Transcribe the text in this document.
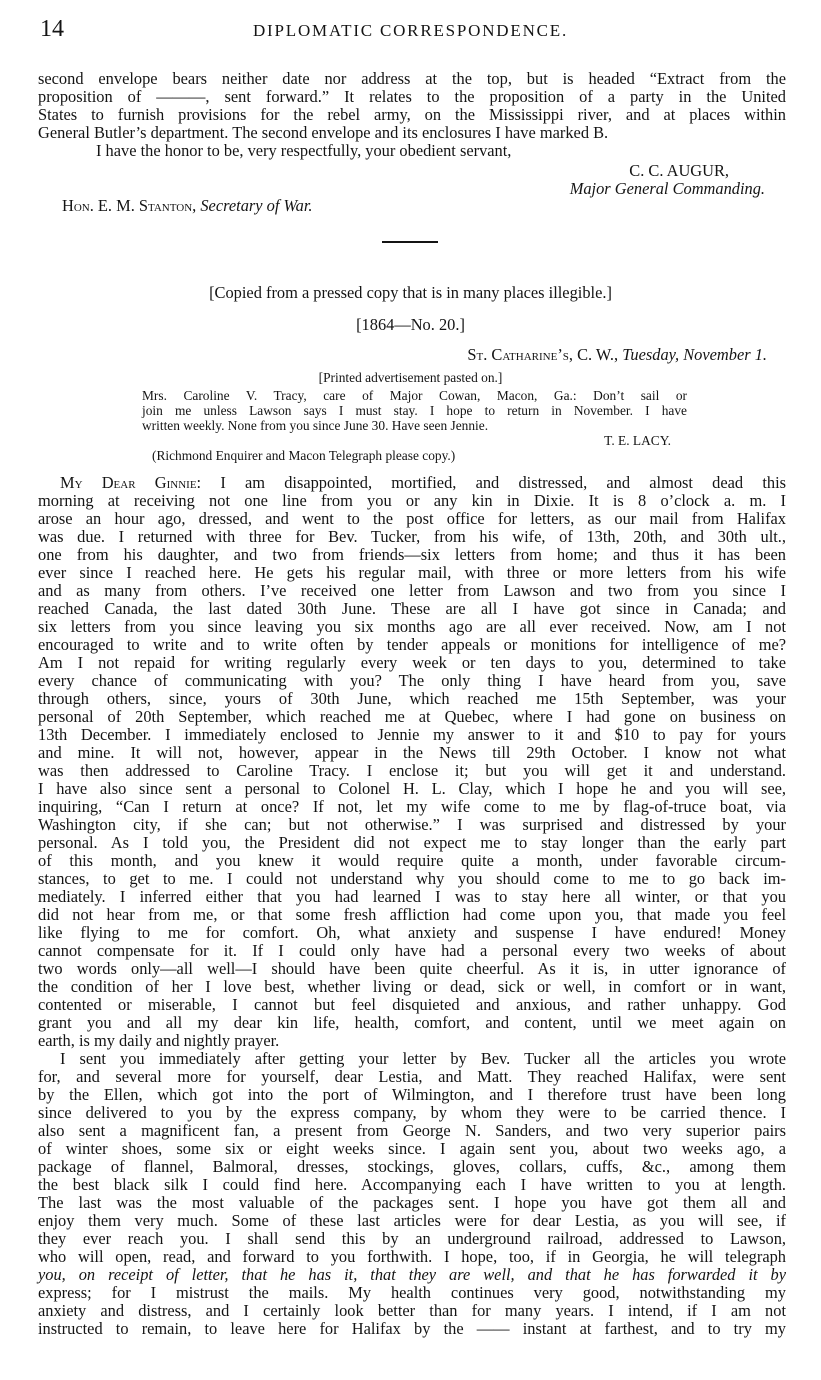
14	DIPLOMATIC CORRESPONDENCE.
second envelope bears neither date nor address at the top, but is headed “Extract from the
proposition of ———, sent forward.” It relates to the proposition of a party in the United
States to furnish provisions for the rebel army, on the Mississippi river, and at places within
General Butler’s department. The second envelope and its enclosures I have marked B.
I have the honor to be, very respectfully, your obedient servant,
C. C. AUGUR,
Major General Commanding.
Hon. E. M. Stanton, Secretary of War.
[Copied from a pressed copy that is in many places illegible.]
[1864—No. 20.]
St. Catharine’s, C. W., Tuesday, November 1.
[Printed advertisement pasted on.]
Mrs. Caroline V. Tracy, care of Major Cowan, Macon, Ga.: Don’t sail or
join me unless Lawson says I must stay. I hope to return in November. I have
written weekly. None from you since June 30. Have seen Jennie.
T. E. LACY.
(Richmond Enquirer and Macon Telegraph please copy.)
My Dear Ginnie: I am disappointed, mortified, and distressed, and almost dead this
morning at receiving not one line from you or any kin in Dixie. It is 8 o’clock a. m. I
arose an hour ago, dressed, and went to the post office for letters, as our mail from Halifax
was due. I returned with three for Bev. Tucker, from his wife, of 13th, 20th, and 30th ult.,
one from his daughter, and two from friends—six letters from home; and thus it has been
ever since I reached here. He gets his regular mail, with three or more letters from his wife
and as many from others. I’ve received one letter from Lawson and two from you since I
reached Canada, the last dated 30th June. These are all I have got since in Canada; and
six letters from you since leaving you six months ago are all ever received. Now, am I not
encouraged to write and to write often by tender appeals or monitions for intelligence of me?
Am I not repaid for writing regularly every week or ten days to you, determined to take
every chance of communicating with you? The only thing I have heard from you, save
through others, since, yours of 30th June, which reached me 15th September, was your
personal of 20th September, which reached me at Quebec, where I had gone on business on
13th December. I immediately enclosed to Jennie my answer to it and $10 to pay for yours
and mine. It will not, however, appear in the News till 29th October. I know not what
was then addressed to Caroline Tracy. I enclose it; but you will get it and understand.
I have also since sent a personal to Colonel H. L. Clay, which I hope he and you will see,
inquiring, “Can I return at once? If not, let my wife come to me by flag-of-truce boat, via
Washington city, if she can; but not otherwise.” I was surprised and distressed by your
personal. As I told you, the President did not expect me to stay longer than the early part
of this month, and you knew it would require quite a month, under favorable circum-
stances, to get to me. I could not understand why you should come to me to go back im-
mediately. I inferred either that you had learned I was to stay here all winter, or that you
did not hear from me, or that some fresh affliction had come upon you, that made you feel
like flying to me for comfort. Oh, what anxiety and suspense I have endured! Money
cannot compensate for it. If I could only have had a personal every two weeks of about
two words only—all well—I should have been quite cheerful. As it is, in utter ignorance of
the condition of her I love best, whether living or dead, sick or well, in comfort or in want,
contented or miserable, I cannot but feel disquieted and anxious, and rather unhappy. God
grant you and all my dear kin life, health, comfort, and content, until we meet again on
earth, is my daily and nightly prayer.
I sent you immediately after getting your letter by Bev. Tucker all the articles you wrote
for, and several more for yourself, dear Lestia, and Matt. They reached Halifax, were sent
by the Ellen, which got into the port of Wilmington, and I therefore trust have been long
since delivered to you by the express company, by whom they were to be carried thence. I
also sent a magnificent fan, a present from George N. Sanders, and two very superior pairs
of winter shoes, some six or eight weeks since. I again sent you, about two weeks ago, a
package of flannel, Balmoral, dresses, stockings, gloves, collars, cuffs, &c., among them
the best black silk I could find here. Accompanying each I have written to you at length.
The last was the most valuable of the packages sent. I hope you have got them all and
enjoy them very much. Some of these last articles were for dear Lestia, as you will see, if
they ever reach you. I shall send this by an underground railroad, addressed to Lawson,
who will open, read, and forward to you forthwith. I hope, too, if in Georgia, he will telegraph
you, on receipt of letter, that he has it, that they are well, and that he has forwarded it by
express; for I mistrust the mails. My health continues very good, notwithstanding my
anxiety and distress, and I certainly look better than for many years. I intend, if I am not
instructed to remain, to leave here for Halifax by the —— instant at farthest, and to try my
